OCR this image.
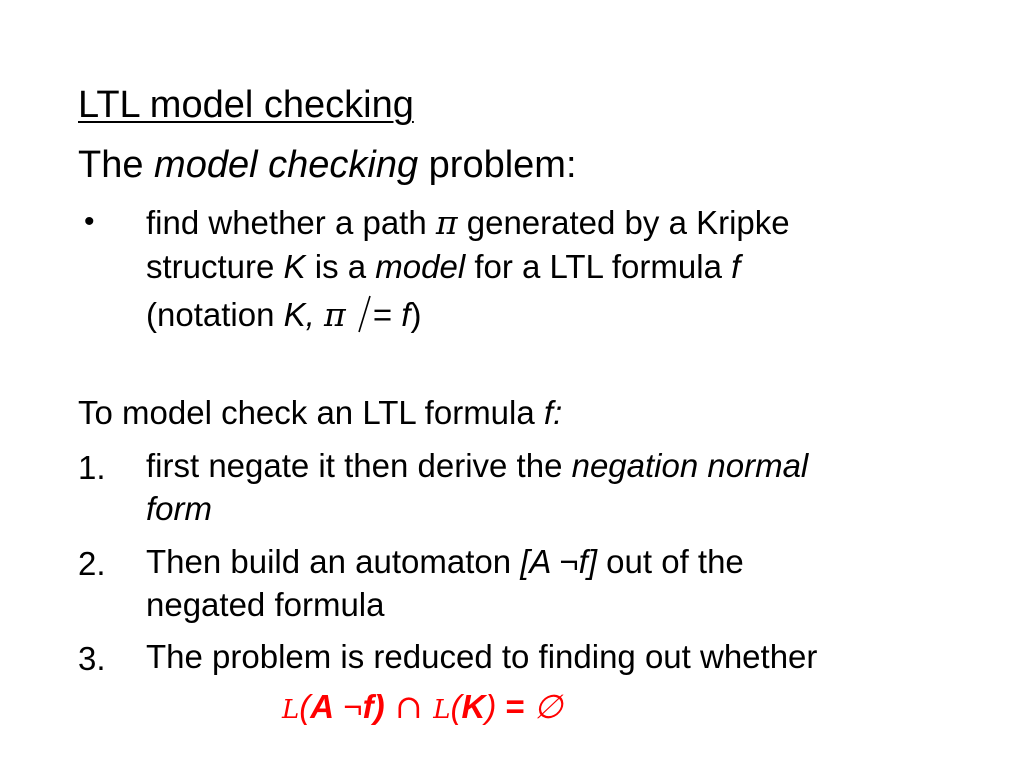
LTL model checking
The model checking problem:
• find whether a path π generated by a Kripke
structure K is a model for a LTL formula f
(notation K, π = f)
To model check an LTL formula f:
1. first negate it then derive the negation normal
form
2. Then build an automaton [A ¬f] out of the
negated formula
3. The problem is reduced to finding out whether
L(A ¬f) ∩ L(K) = ∅
